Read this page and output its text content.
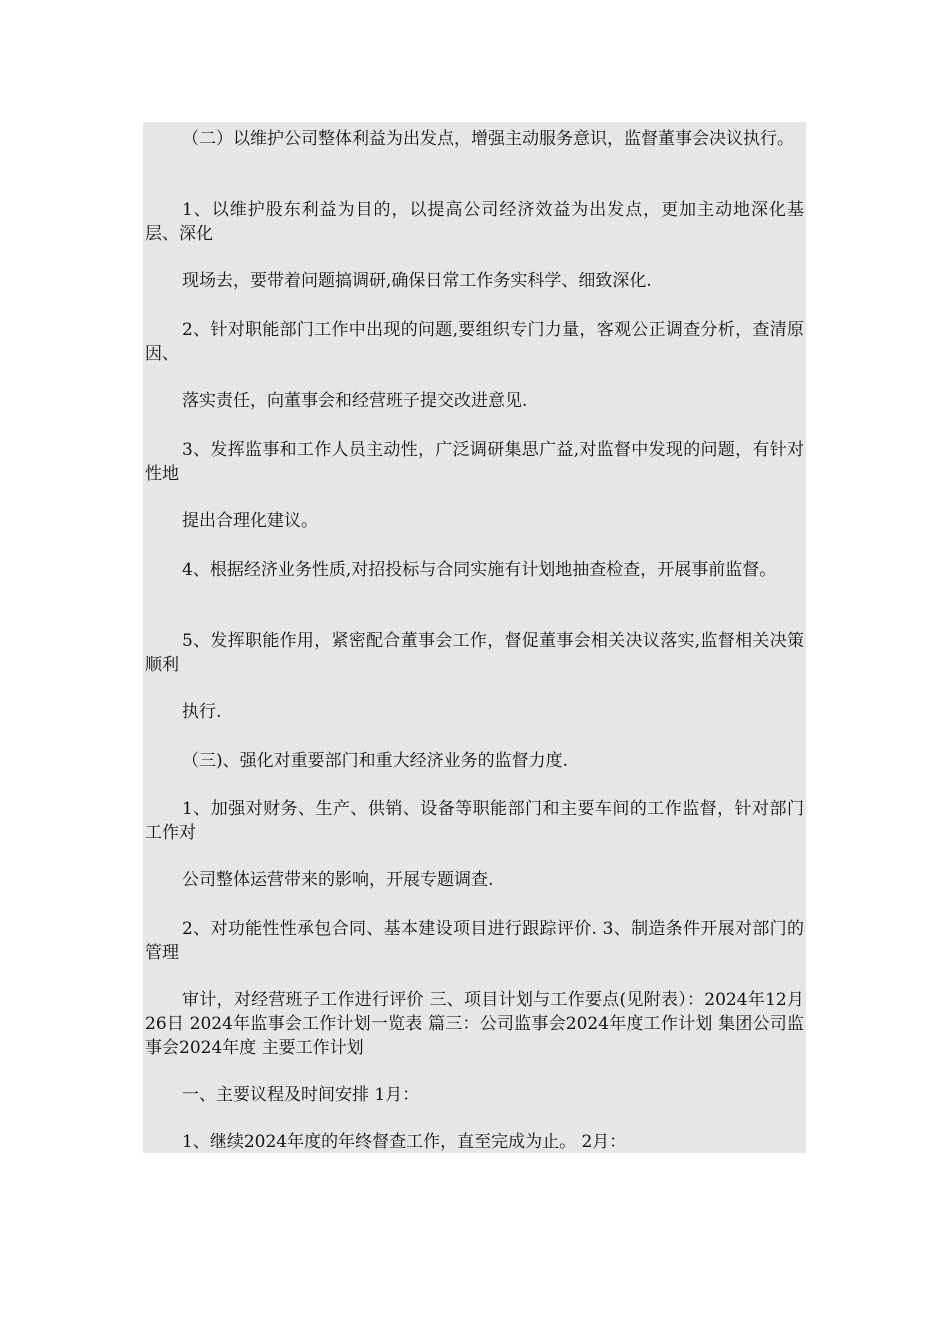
（二）以维护公司整体利益为出发点，增强主动服务意识，监督董事会决议执行。

1、以维护股东利益为目的，以提高公司经济效益为出发点，更加主动地深化基层、深化

现场去，要带着问题搞调研,确保日常工作务实科学、细致深化.

2、针对职能部门工作中出现的问题,要组织专门力量，客观公正调查分析，查清原因、

落实责任，向董事会和经营班子提交改进意见.

3、发挥监事和工作人员主动性，广泛调研集思广益,对监督中发现的问题，有针对性地

提出合理化建议。

4、根据经济业务性质,对招投标与合同实施有计划地抽查检查，开展事前监督。

5、发挥职能作用，紧密配合董事会工作，督促董事会相关决议落实,监督相关决策顺利

执行.

（三)、强化对重要部门和重大经济业务的监督力度.

1、加强对财务、生产、供销、设备等职能部门和主要车间的工作监督，针对部门工作对

公司整体运营带来的影响，开展专题调查.

2、对功能性性承包合同、基本建设项目进行跟踪评价. 3、制造条件开展对部门的管理

审计，对经营班子工作进行评价 三、项目计划与工作要点(见附表）：2024年12月26日 2024年监事会工作计划一览表 篇三：公司监事会2024年度工作计划 集团公司监事会2024年度 主要工作计划

一、主要议程及时间安排 1月：

1、继续2024年度的年终督查工作，直至完成为止。 2月：
